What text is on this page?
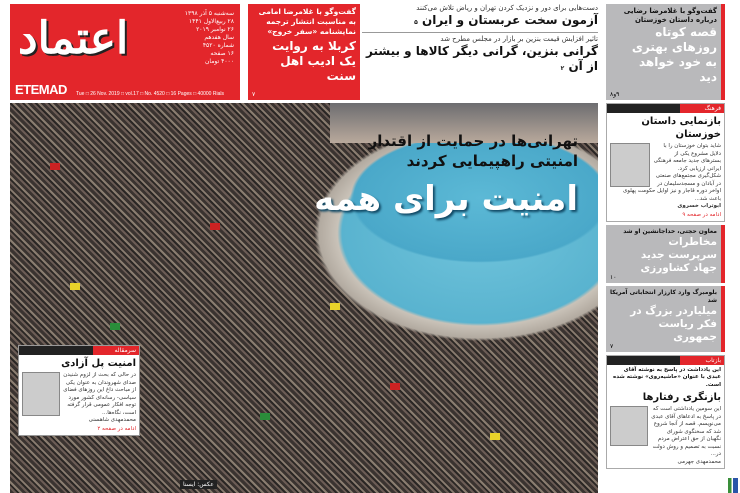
اعتماد	سه‌شنبه ۵ آذر ۱۳۹۸
۲۸ ربیع‌الاول ۱۴۴۱
۲۶ نوامبر ۲۰۱۹
سال هفدهم
شماره ۴۵۲۰
۱۶ صفحه
۴۰۰۰ تومان
ETEMAD Tue □ 26 Nov. 2019 □ vol.17 □ No. 4520 □ 16 Pages □ 40000 Rials
گفت‌وگو با غلامرضا امامی به مناسبت انتشار ترجمه نمایشنامه «سفر خروج»
کربلا به روایت یک ادیب اهل سنت
۷
دست‌هایی برای دور و نزدیک کردن تهران و ریاض تلاش می‌کنند
آزمون سخت عربستان و ایران ۵
تاثیر افزایش قیمت بنزین بر بازار در مجلس مطرح شد
گرانی بنزین، گرانی دیگر کالاها و بیشتر از آن ۲
گفت‌وگو با غلامرضا رضایی درباره داستان خوزستان
قصه کوتاه روزهای بهتری به خود خواهد دید
۹و۸
تهرانی‌ها در حمایت از اقتدار امنیتی راهپیمایی کردند
امنیت برای همه
عکس: ایسنا
سرمقاله
امنیت پل آزادی
در حالی که بحث از لزوم شنیدن صدای شهروندان به عنوان یکی از مباحث داغ این روزهای فضای سیاسی- رسانه‌ای کشور مورد توجه افکار عمومی قرار گرفته است، نگاه‌ها...
محمدمهدی شاهسنی
ادامه در صفحه ۲
فرهنگ
بازنمایی داستان خوزستان
شاید بتوان خوزستان را با دلایل مشروع یکی از بسترهای جدید جامعه فرهنگی ایرانی ارزیابی کرد. شکل‌گیری مجتمع‌های صنعتی در آبادان و مسجدسلیمان در اواخر دوره قاجار و نیز اوایل حکومت پهلوی باعث شد...
ابوتراب خسروی
ادامه در صفحه ۹
معاون حجتی، خداجانشین او شد
مخاطرات سرپرست جدید جهاد کشاورزی
۱۰
بلومبرگ وارد کارزار انتخاباتی آمریکا شد
میلیاردر بزرگ در فکر ریاست جمهوری
۷
بازتاب
این یادداشت در پاسخ به نوشته آقای عبدی با عنوان «حاشیه‌روی» نوشته شده است.
بازنگری رفتارها
این سومین یادداشتی است که در پاسخ به ادعاهای آقای عبدی می‌نویسم. قصه از آنجا شروع شد که سخنگوی شورای نگهبان از حق اعتراض مردم نسبت به تصمیم و روش دولت در...
محمدمهدی جهرمی
